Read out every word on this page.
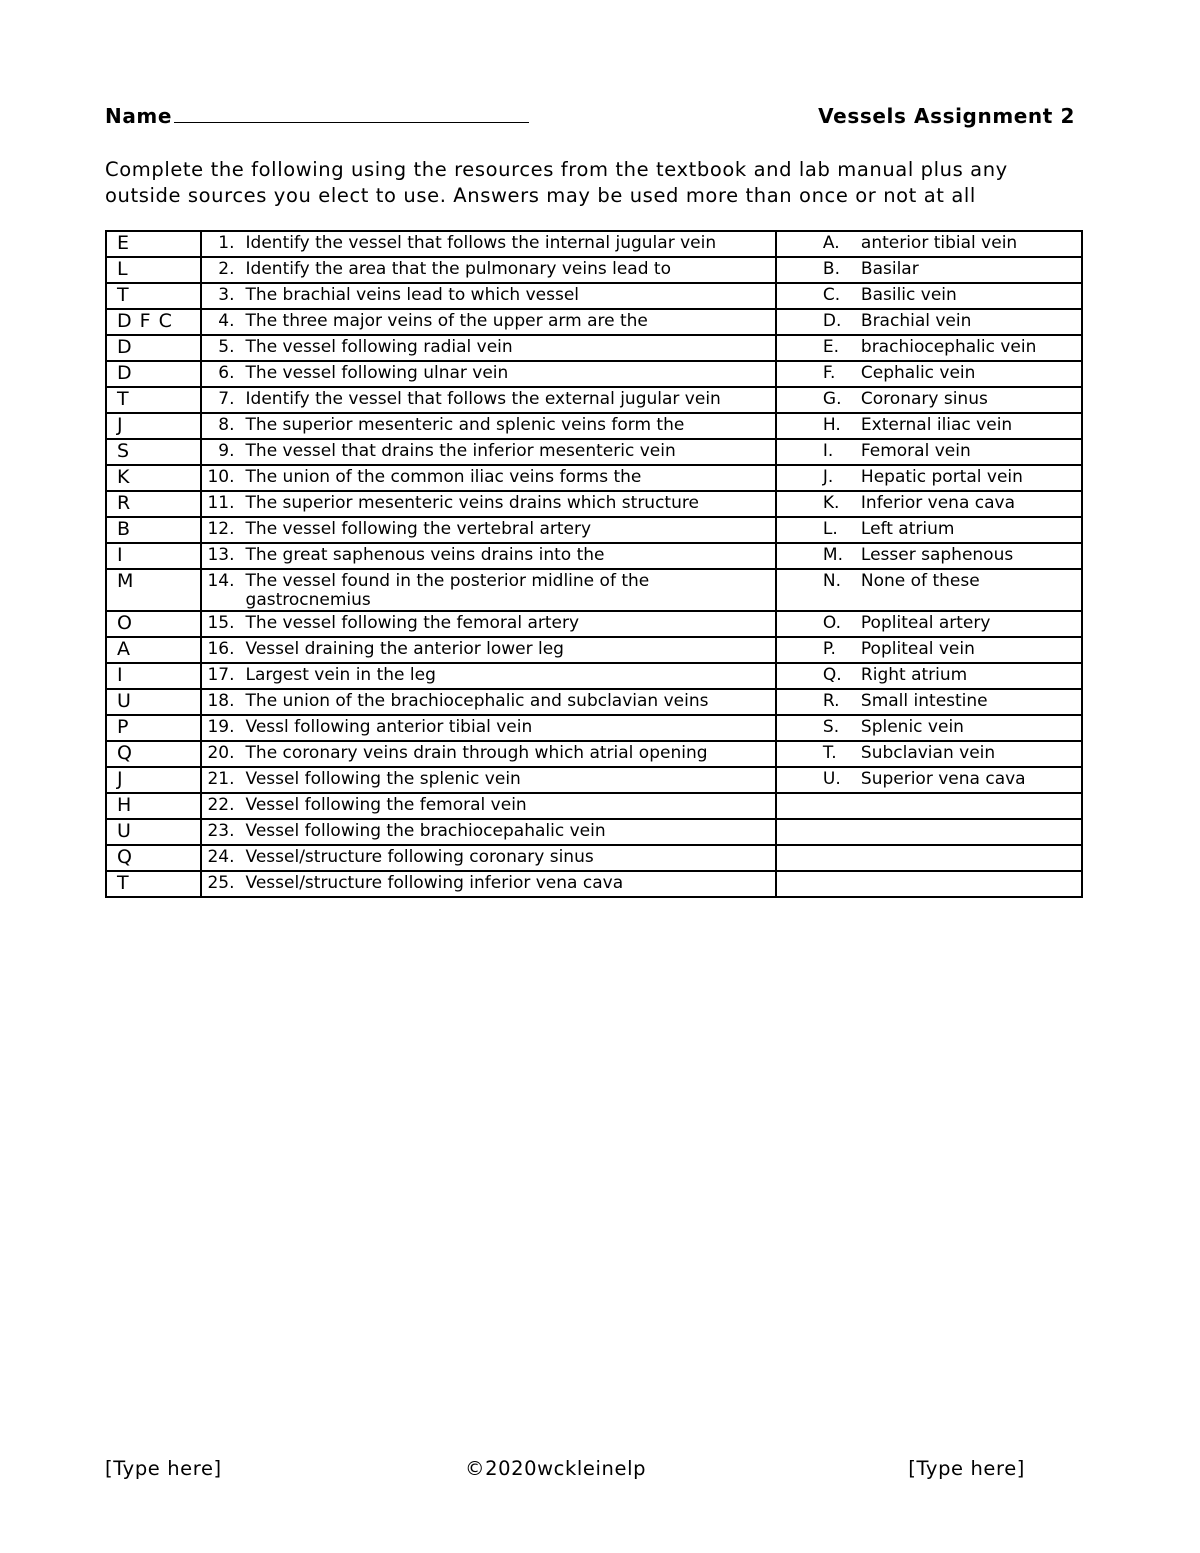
Name	Vessels Assignment 2
Complete the following using the resources from the textbook and lab manual plus any outside sources you elect to use. Answers may be used more than once or not at all
E	1. Identify the vessel that follows the internal jugular vein	A. anterior tibial vein

L	2. Identify the area that the pulmonary veins lead to	B. Basilar

T	3. The brachial veins lead to which vessel	C. Basilic vein

D F C	4. The three major veins of the upper arm are the	D. Brachial vein

D	5. The vessel following radial vein	E. brachiocephalic vein

D	6. The vessel following ulnar vein	F. Cephalic vein

T	7. Identify the vessel that follows the external jugular vein	G. Coronary sinus

J	8. The superior mesenteric and splenic veins form the	H. External iliac vein

S	9. The vessel that drains the inferior mesenteric vein	I. Femoral vein

K	10. The union of the common iliac veins forms the	J. Hepatic portal vein

R	11. The superior mesenteric veins drains which structure	K. Inferior vena cava

B	12. The vessel following the vertebral artery	L. Left atrium

I	13. The great saphenous veins drains into the	M. Lesser saphenous

M	14. The vessel found in the posterior midline of the gastrocnemius	N. None of these

O	15. The vessel following the femoral artery	O. Popliteal artery

A	16. Vessel draining the anterior lower leg	P. Popliteal vein

I	17. Largest vein in the leg	Q. Right atrium

U	18. The union of the brachiocephalic and subclavian veins	R. Small intestine

P	19. Vessl following anterior tibial vein	S. Splenic vein

Q	20. The coronary veins drain through which atrial opening	T. Subclavian vein

J	21. Vessel following the splenic vein	U. Superior vena cava

H	22. Vessel following the femoral vein	

U	23. Vessel following the brachiocepahalic vein	

Q	24. Vessel/structure following coronary sinus	

T	25. Vessel/structure following inferior vena cava	

[Type here]	©2020wckleinelp	[Type here]
